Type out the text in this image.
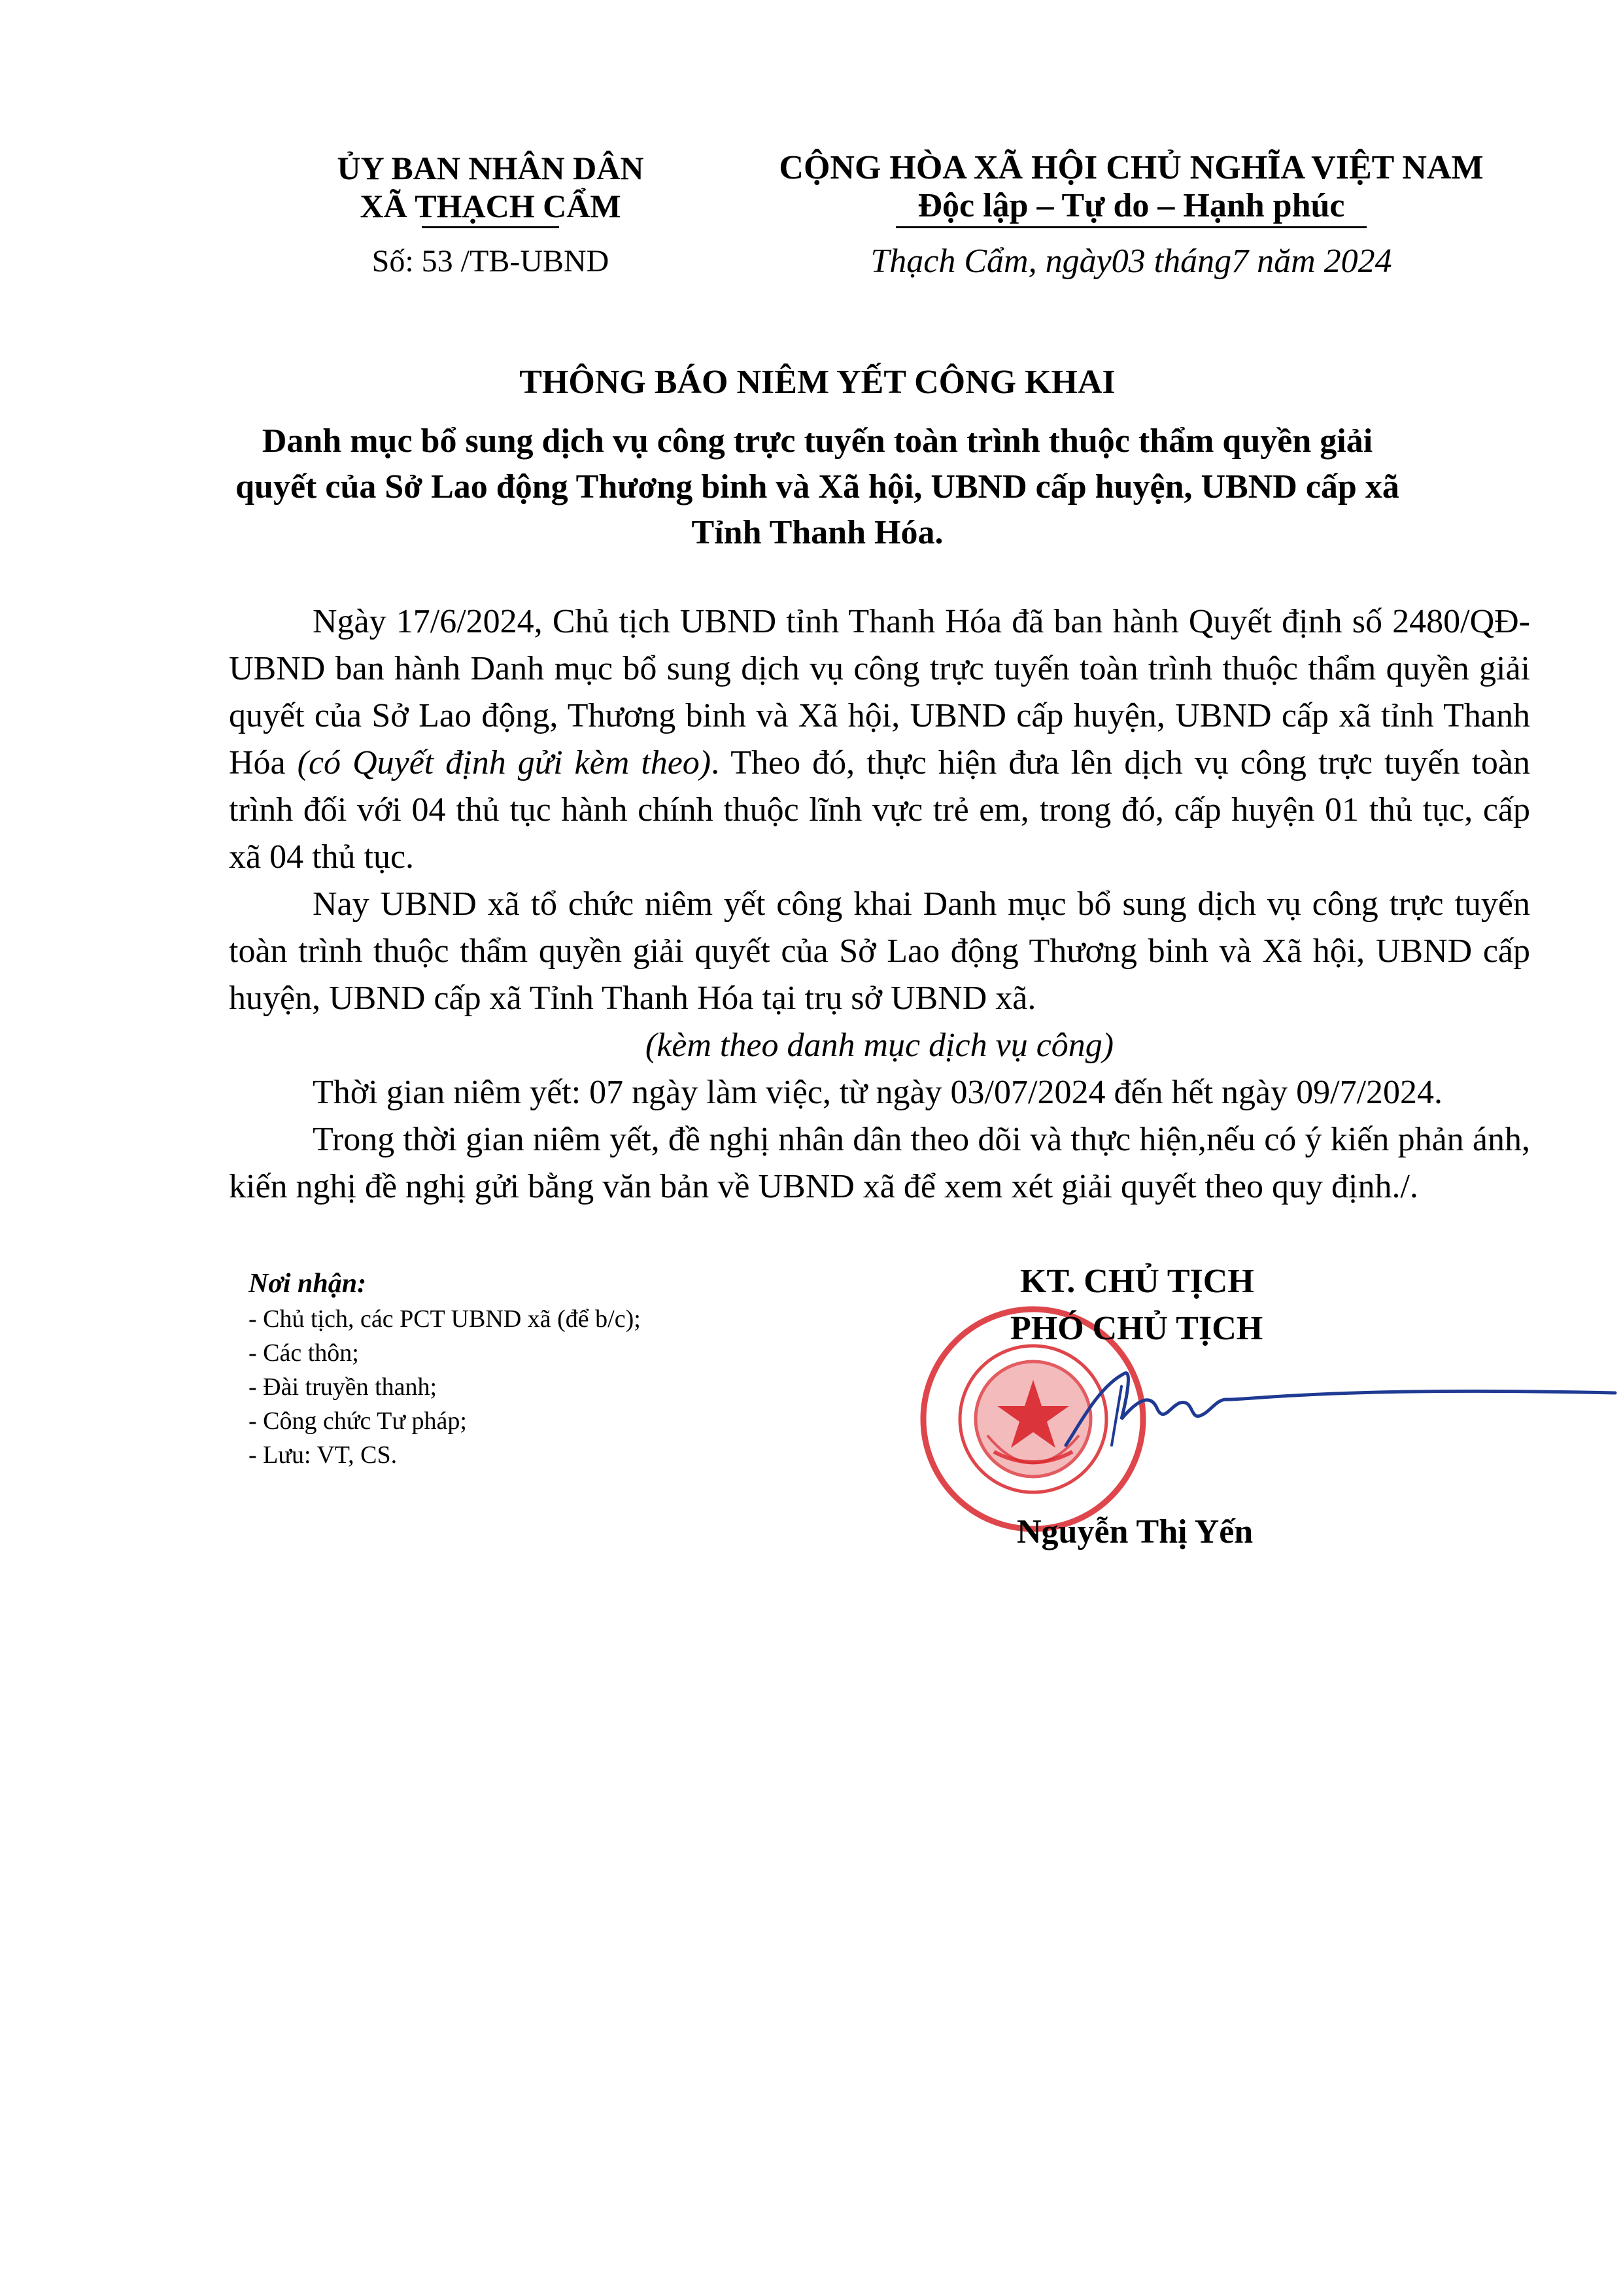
ỦY BAN NHÂN DÂN
XÃ THẠCH CẨM
Số: 53 /TB-UBND
CỘNG HÒA XÃ HỘI CHỦ NGHĨA VIỆT NAM
Độc lập – Tự do – Hạnh phúc
Thạch Cẩm, ngày03 tháng7 năm 2024
THÔNG BÁO NIÊM YẾT CÔNG KHAI
Danh mục bổ sung dịch vụ công trực tuyến toàn trình thuộc thẩm quyền giải quyết của Sở Lao động Thương binh và Xã hội, UBND cấp huyện, UBND cấp xã Tỉnh Thanh Hóa.

Ngày 17/6/2024, Chủ tịch UBND tỉnh Thanh Hóa đã ban hành Quyết định số 2480/QĐ-UBND ban hành Danh mục bổ sung dịch vụ công trực tuyến toàn trình thuộc thẩm quyền giải quyết của Sở Lao động, Thương binh và Xã hội, UBND cấp huyện, UBND cấp xã tỉnh Thanh Hóa (có Quyết định gửi kèm theo). Theo đó, thực hiện đưa lên dịch vụ công trực tuyến toàn trình đối với 04 thủ tục hành chính thuộc lĩnh vực trẻ em, trong đó, cấp huyện 01 thủ tục, cấp xã 04 thủ tục.

Nay UBND xã tổ chức niêm yết công khai Danh mục bổ sung dịch vụ công trực tuyến toàn trình thuộc thẩm quyền giải quyết của Sở Lao động Thương binh và Xã hội, UBND cấp huyện, UBND cấp xã Tỉnh Thanh Hóa tại trụ sở UBND xã.

(kèm theo danh mục dịch vụ công)

Thời gian niêm yết: 07 ngày làm việc, từ ngày 03/07/2024 đến hết ngày 09/7/2024.

Trong thời gian niêm yết, đề nghị nhân dân theo dõi và thực hiện,nếu có ý kiến phản ánh, kiến nghị đề nghị gửi bằng văn bản về UBND xã để xem xét giải quyết theo quy định./.

Nơi nhận:
- Chủ tịch, các PCT UBND xã (để b/c);
- Các thôn;
- Đài truyền thanh;
- Công chức Tư pháp;
- Lưu: VT, CS.
KT. CHỦ TỊCH
PHÓ CHỦ TỊCH
Nguyễn Thị Yến
